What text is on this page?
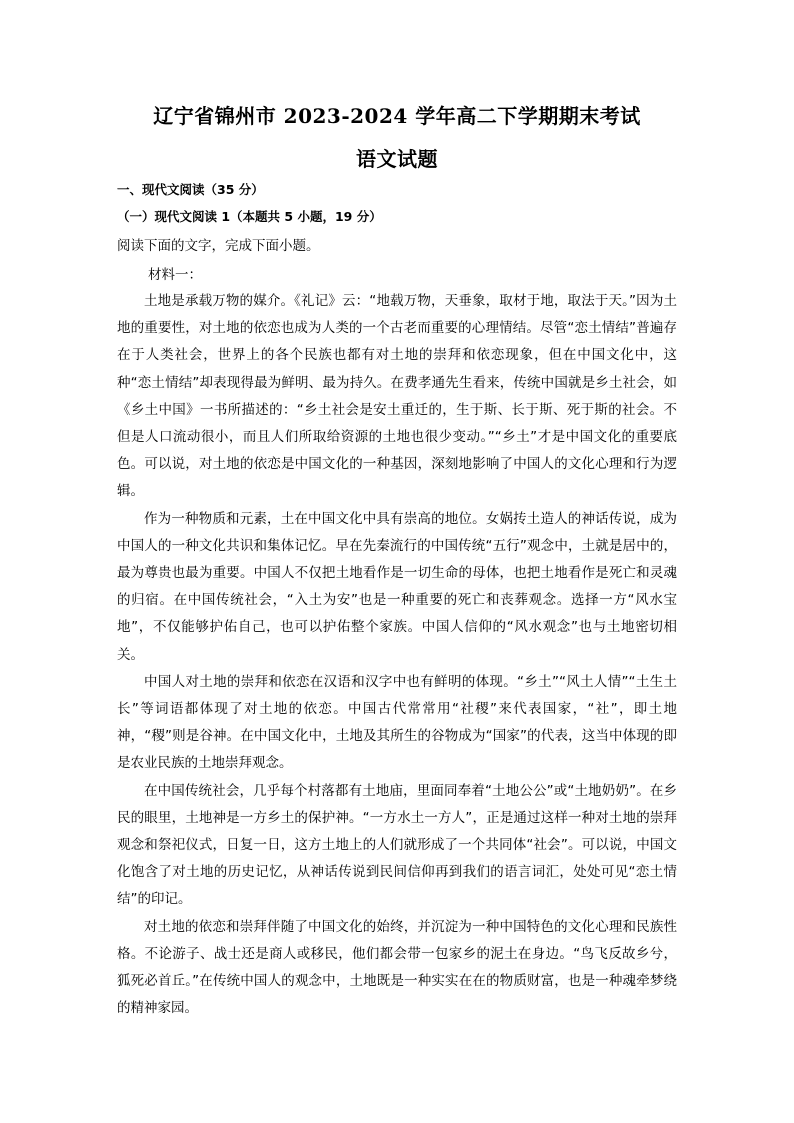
辽宁省锦州市 2023-2024 学年高二下学期期末考试
语文试题
一、现代文阅读（35 分）
（一）现代文阅读 1（本题共 5 小题，19 分）
阅读下面的文字，完成下面小题。
材料一：

土地是承载万物的媒介。《礼记》云：“地载万物，天垂象，取材于地，取法于天。”因为土地的重要性，对土地的依恋也成为人类的一个古老而重要的心理情结。尽管“恋土情结”普遍存在于人类社会，世界上的各个民族也都有对土地的崇拜和依恋现象，但在中国文化中，这种“恋土情结”却表现得最为鲜明、最为持久。在费孝通先生看来，传统中国就是乡土社会，如《乡土中国》一书所描述的：“乡土社会是安土重迁的，生于斯、长于斯、死于斯的社会。不但是人口流动很小，而且人们所取给资源的土地也很少变动。”“乡土”才是中国文化的重要底色。可以说，对土地的依恋是中国文化的一种基因，深刻地影响了中国人的文化心理和行为逻辑。

作为一种物质和元素，土在中国文化中具有崇高的地位。女娲抟土造人的神话传说，成为中国人的一种文化共识和集体记忆。早在先秦流行的中国传统“五行”观念中，土就是居中的，最为尊贵也最为重要。中国人不仅把土地看作是一切生命的母体，也把土地看作是死亡和灵魂的归宿。在中国传统社会，“入土为安”也是一种重要的死亡和丧葬观念。选择一方“风水宝地”，不仅能够护佑自己，也可以护佑整个家族。中国人信仰的“风水观念”也与土地密切相关。

中国人对土地的崇拜和依恋在汉语和汉字中也有鲜明的体现。“乡土”“风土人情”“土生土长”等词语都体现了对土地的依恋。中国古代常常用“社稷”来代表国家，“社”，即土地神，“稷”则是谷神。在中国文化中，土地及其所生的谷物成为“国家”的代表，这当中体现的即是农业民族的土地崇拜观念。

在中国传统社会，几乎每个村落都有土地庙，里面同奉着“土地公公”或“土地奶奶”。在乡民的眼里，土地神是一方乡土的保护神。“一方水土一方人”，正是通过这样一种对土地的崇拜观念和祭祀仪式，日复一日，这方土地上的人们就形成了一个共同体“社会”。可以说，中国文化饱含了对土地的历史记忆，从神话传说到民间信仰再到我们的语言词汇，处处可见“恋土情结”的印记。

对土地的依恋和崇拜伴随了中国文化的始终，并沉淀为一种中国特色的文化心理和民族性格。不论游子、战士还是商人或移民，他们都会带一包家乡的泥土在身边。“鸟飞反故乡兮，狐死必首丘。”在传统中国人的观念中，土地既是一种实实在在的物质财富，也是一种魂牵梦绕的精神家园。
